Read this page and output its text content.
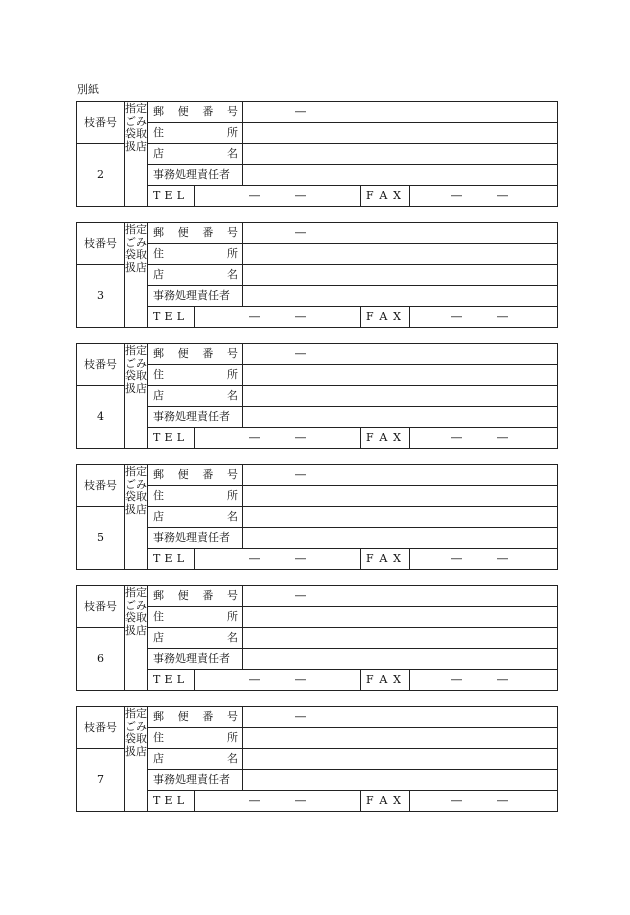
別紙
枝番号	指定ごみ袋取扱店	郵 便 番 号		―		

		住 所				

2		店 名				

		事務処理責任者				

		T E L	― ―		F A X	― ―
枝番号	指定ごみ袋取扱店	郵 便 番 号		―		

		住 所				

3		店 名				

		事務処理責任者				

		T E L	― ―		F A X	― ―
枝番号	指定ごみ袋取扱店	郵 便 番 号		―		

		住 所				

4		店 名				

		事務処理責任者				

		T E L	― ―		F A X	― ―
枝番号	指定ごみ袋取扱店	郵 便 番 号		―		

		住 所				

5		店 名				

		事務処理責任者				

		T E L	― ―		F A X	― ―
枝番号	指定ごみ袋取扱店	郵 便 番 号		―		

		住 所				

6		店 名				

		事務処理責任者				

		T E L	― ―		F A X	― ―
枝番号	指定ごみ袋取扱店	郵 便 番 号		―		

		住 所				

7		店 名				

		事務処理責任者				

		T E L	― ―		F A X	― ―
